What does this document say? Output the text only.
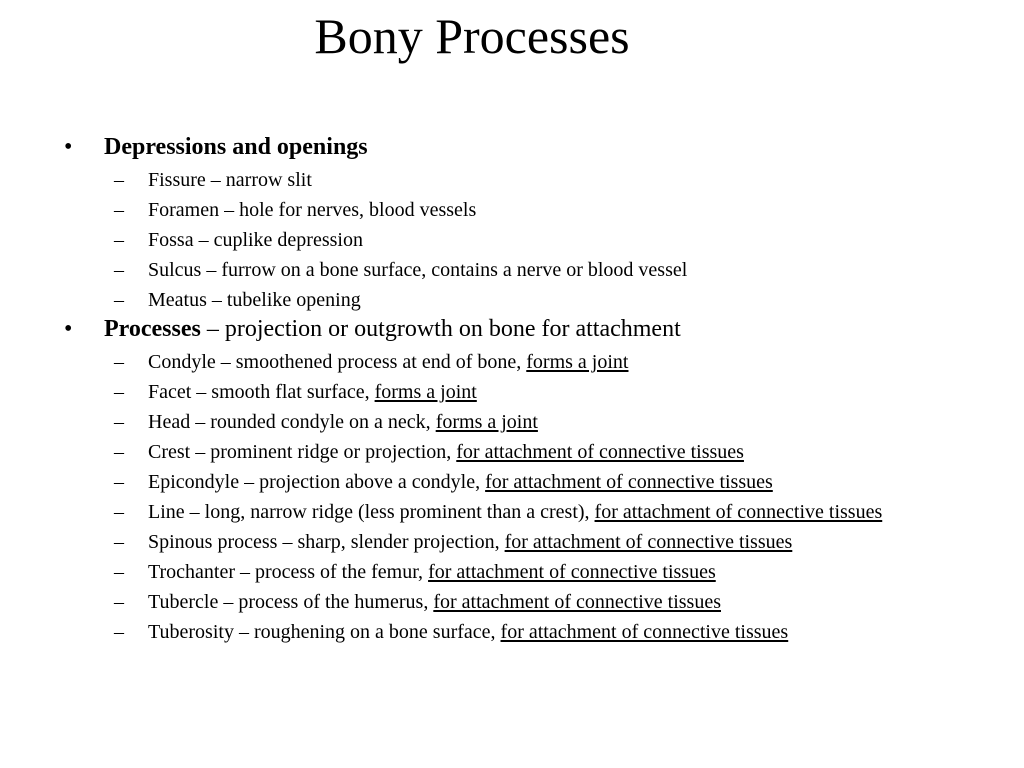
Bony Processes
•	Depressions and openings
–	Fissure – narrow slit
–	Foramen – hole for nerves, blood vessels
–	Fossa – cuplike depression
–	Sulcus – furrow on a bone surface, contains a nerve or blood vessel
–	Meatus – tubelike opening
•	Processes – projection or outgrowth on bone for attachment
–	Condyle – smoothened process at end of bone, forms a joint
–	Facet – smooth flat surface, forms a joint
–	Head – rounded condyle on a neck, forms a joint
–	Crest – prominent ridge or projection, for attachment of connective tissues
–	Epicondyle – projection above a condyle, for attachment of connective tissues
–	Line – long, narrow ridge (less prominent than a crest), for attachment of connective tissues
–	Spinous process – sharp, slender projection, for attachment of connective tissues
–	Trochanter – process of the femur, for attachment of connective tissues
–	Tubercle – process of the humerus, for attachment of connective tissues
–	Tuberosity – roughening on a bone surface, for attachment of connective tissues
